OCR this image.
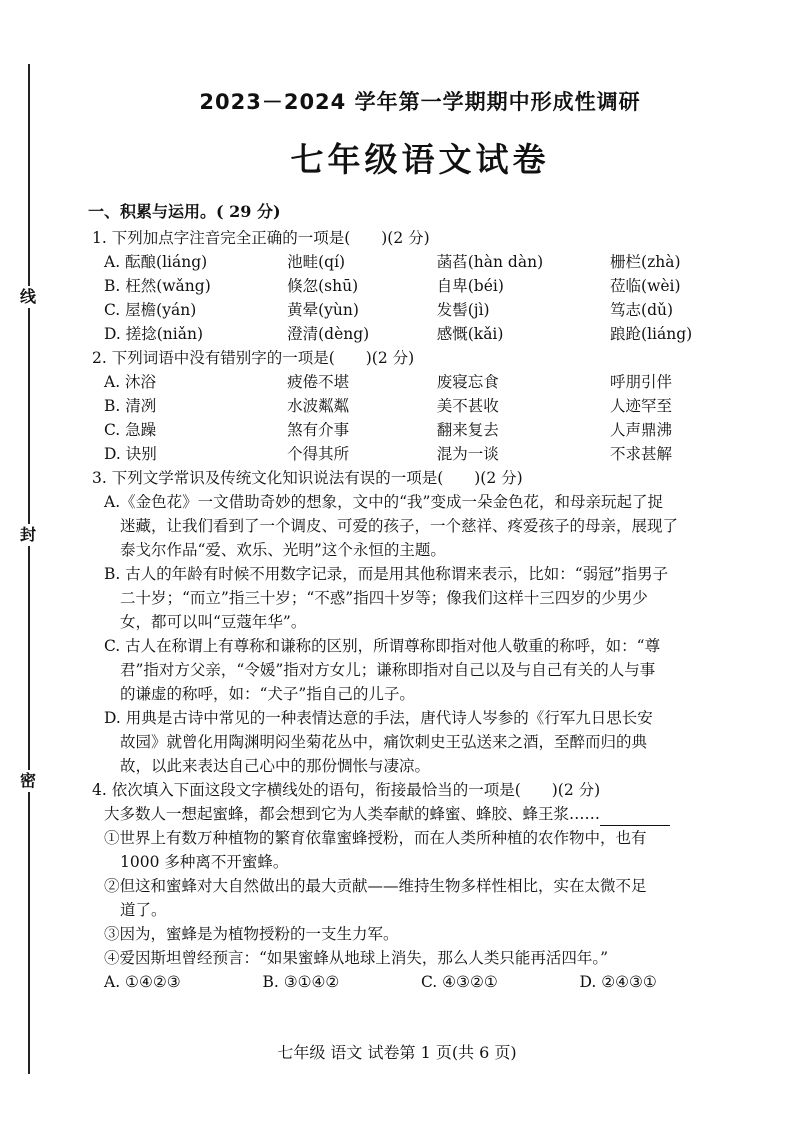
线
封
密
2023－2024 学年第一学期期中形成性调研
七年级语文试卷
一、积累与运用。( 29 分)
1. 下列加点字注音完全正确的一项是(　　)(2 分)
A. 酝酿(liáng)	池畦(qí)	菡萏(hàn dàn)	栅栏(zhà)
B. 枉然(wǎng)	倏忽(shū)	自卑(béi)	莅临(wèi)
C. 屋檐(yán)	黄晕(yùn)	发髻(jì)	笃志(dǔ)
D. 搓捻(niǎn)	澄清(dèng)	感慨(kǎi)	踉跄(liáng)
2. 下列词语中没有错别字的一项是(　　)(2 分)
A. 沐浴	疲倦不堪	废寝忘食	呼朋引伴
B. 清冽	水波粼粼	美不甚收	人迹罕至
C. 急躁	煞有介事	翻来复去	人声鼎沸
D. 诀别	个得其所	混为一谈	不求甚解
3. 下列文学常识及传统文化知识说法有误的一项是(　　)(2 分)
A.《金色花》一文借助奇妙的想象，文中的“我”变成一朵金色花，和母亲玩起了捉
迷藏，让我们看到了一个调皮、可爱的孩子，一个慈祥、疼爱孩子的母亲，展现了
泰戈尔作品“爱、欢乐、光明”这个永恒的主题。
B. 古人的年龄有时候不用数字记录，而是用其他称谓来表示，比如：“弱冠”指男子
二十岁；“而立”指三十岁；“不惑”指四十岁等；像我们这样十三四岁的少男少
女，都可以叫“豆蔻年华”。
C. 古人在称谓上有尊称和谦称的区别，所谓尊称即指对他人敬重的称呼，如：“尊
君”指对方父亲，“令媛”指对方女儿；谦称即指对自己以及与自己有关的人与事
的谦虚的称呼，如：“犬子”指自己的儿子。
D. 用典是古诗中常见的一种表情达意的手法，唐代诗人岑参的《行军九日思长安
故园》就曾化用陶渊明闷坐菊花丛中，痛饮刺史王弘送来之酒，至醉而归的典
故，以此来表达自己心中的那份惆怅与凄凉。
4. 依次填入下面这段文字横线处的语句，衔接最恰当的一项是(　　)(2 分)
大多数人一想起蜜蜂，都会想到它为人类奉献的蜂蜜、蜂胶、蜂王浆……
①世界上有数万种植物的繁育依靠蜜蜂授粉，而在人类所种植的农作物中，也有
1000 多种离不开蜜蜂。
②但这和蜜蜂对大自然做出的最大贡献——维持生物多样性相比，实在太微不足
道了。
③因为，蜜蜂是为植物授粉的一支生力军。
④爱因斯坦曾经预言：“如果蜜蜂从地球上消失，那么人类只能再活四年。”
A. ①④②③	B. ③①④②	C. ④③②①	D. ②④③①
七年级 语文 试卷第 1 页(共 6 页)
